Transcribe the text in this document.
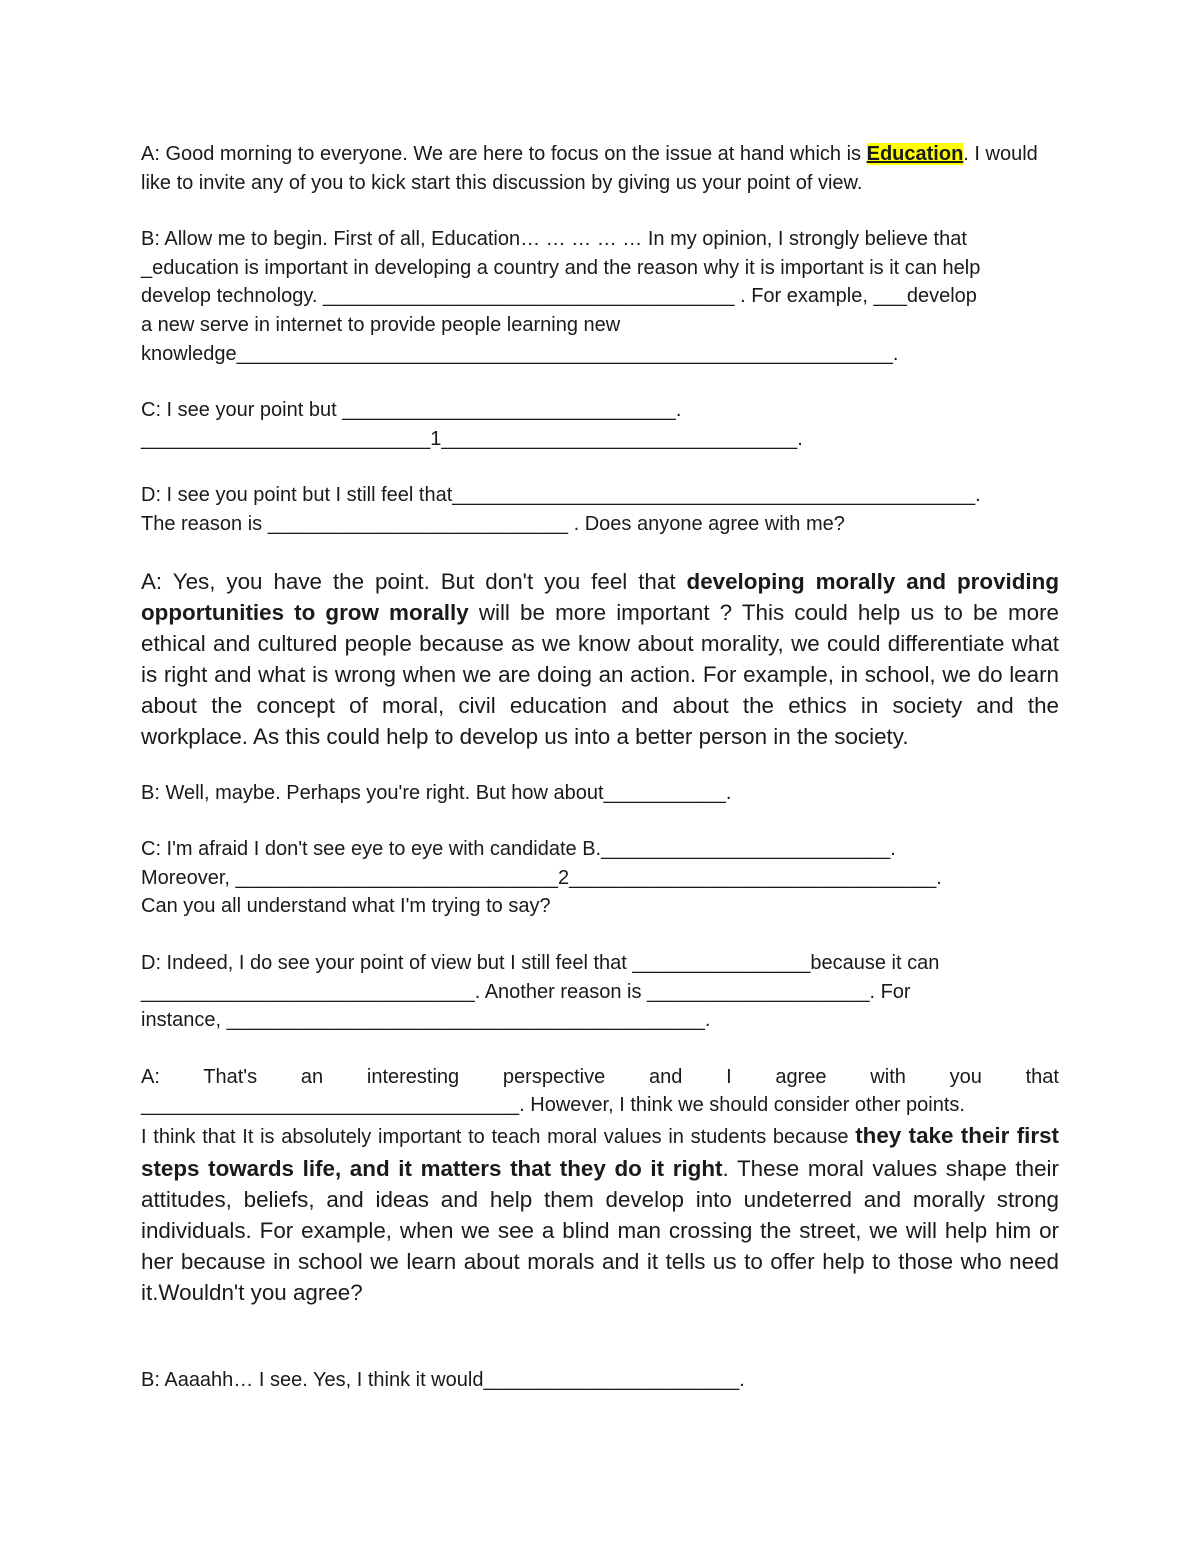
A: Good morning to everyone. We are here to focus on the issue at hand which is Education. I would like to invite any of you to kick start this discussion by giving us your point of view.

B: Allow me to begin. First of all, Education… … … … … In my opinion, I strongly believe that
_education is important in developing a country and the reason why it is important is it can help
develop technology. _____________________________________ . For example, ___develop
a new serve in internet to provide people learning new
knowledge___________________________________________________________.

C: I see your point but ______________________________.
__________________________1________________________________.

D: I see you point but I still feel that_______________________________________________.
The reason is ___________________________ . Does anyone agree with me?

A: Yes, you have the point. But don't you feel that developing morally and providing opportunities to grow morally will be more important ? This could help us to be more ethical and cultured people because as we know about morality, we could differentiate what is right and what is wrong when we are doing an action. For example, in school, we do learn about the concept of moral, civil education and about the ethics in society and the workplace. As this could help to develop us into a better person in the society.

B: Well, maybe. Perhaps you're right. But how about___________.

C: I'm afraid I don't see eye to eye with candidate B.__________________________.
Moreover, _____________________________2_________________________________.
Can you all understand what I'm trying to say?

D: Indeed, I do see your point of view but I still feel that ________________because it can
______________________________. Another reason is ____________________. For
instance, ___________________________________________.

A: That's an interesting perspective and I agree with you that

__________________________________. However, I think we should consider other points.

I think that It is absolutely important to teach moral values in students because they take their first steps towards life, and it matters that they do it right. These moral values shape their attitudes, beliefs, and ideas and help them develop into undeterred and morally strong individuals. For example, when we see a blind man crossing the street, we will help him or her because in school we learn about morals and it tells us to offer help to those who need it.Wouldn't you agree?

B: Aaaahh… I see. Yes, I think it would_______________________.
